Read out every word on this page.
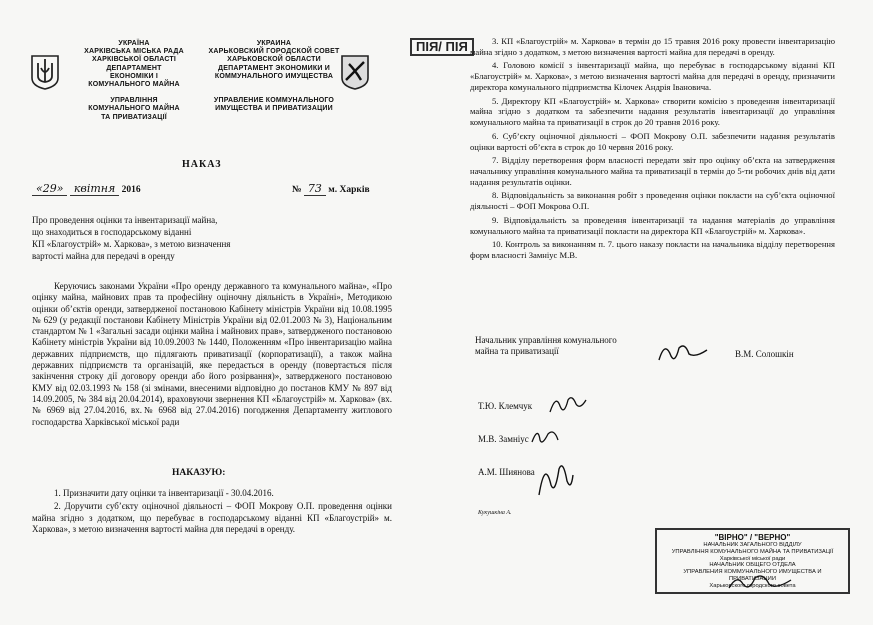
УКРАЇНА
ХАРКІВСЬКА МІСЬКА РАДА
ХАРКІВСЬКОЇ ОБЛАСТІ
ДЕПАРТАМЕНТ
ЕКОНОМІКИ І
КОМУНАЛЬНОГО МАЙНА
УПРАВЛІННЯ
КОМУНАЛЬНОГО МАЙНА
ТА ПРИВАТИЗАЦІЇ
УКРАИНА
ХАРЬКОВСКИЙ ГОРОДСКОЙ СОВЕТ
ХАРЬКОВСКОЙ ОБЛАСТИ
ДЕПАРТАМЕНТ ЭКОНОМИКИ И
КОММУНАЛЬНОГО ИМУЩЕСТВА
УПРАВЛЕНИЕ КОММУНАЛЬНОГО
ИМУЩЕСТВА И ПРИВАТИЗАЦИИ
НАКАЗ
«29» квітня 2016	№ 73 м. Харків
Про проведення оцінки та інвентаризації майна,
що знаходиться в господарському віданні
КП «Благоустрій» м. Харкова», з метою визначення
вартості майна для передачі в оренду
Керуючись законами України «Про оренду державного та комунального майна», «Про оцінку майна, майнових прав та професійну оціночну діяльність в Україні», Методикою оцінки об’єктів оренди, затвердженої постановою Кабінету міністрів України від 10.08.1995 № 629 (у редакції постанови Кабінету Міністрів України від 02.01.2003 № 3), Національним стандартом № 1 «Загальні засади оцінки майна і майнових прав», затвердженого постановою Кабінету міністрів України від 10.09.2003 № 1440, Положенням «Про інвентаризацію майна державних підприємств, що підлягають приватизації (корпоратизації), а також майна державних підприємств та організацій, яке передається в оренду (повертається після закінчення строку дії договору оренди або його розірвання)», затвердженого постановою КМУ від 02.03.1993 № 158 (зі змінами, внесеними відповідно до постанов КМУ № 897 від 14.09.2005, № 384 від 20.04.2014), враховуючи звернення КП «Благоустрій» м. Харкова» (вх.№ 6969 від 27.04.2016, вх.№ 6968 від 27.04.2016) погодження Департаменту житлового господарства Харківської міської ради
НАКАЗУЮ:

1. Призначити дату оцінки та інвентаризації - 30.04.2016.

2. Доручити суб’єкту оціночної діяльності – ФОП Мокрову О.П. проведення оцінки майна згідно з додатком, що перебуває в господарському віданні КП «Благоустрій» м. Харкова», з метою визначення вартості майна для передачі в оренду.

ПІЯ/ ПІЯ	3. КП «Благоустрій» м. Харкова» в термін до 15 травня 2016 року провести інвентаризацію майна згідно з додатком, з метою визначення вартості майна для передачі в оренду.

4. Головою комісії з інвентаризації майна, що перебуває в господарському віданні КП «Благоустрій» м. Харкова», з метою визначення вартості майна для передачі в оренду, призначити директора комунального підприємства Кілочек Андрія Івановича.

5. Директору КП «Благоустрій» м. Харкова» створити комісію з проведення інвентаризації майна згідно з додатком та забезпечити надання результатів інвентаризації до управління комунального майна та приватизації в строк до 20 травня 2016 року.

6. Суб’єкту оціночної діяльності – ФОП Мокрову О.П. забезпечити надання результатів оцінки вартості об’єкта в строк до 10 червня 2016 року.

7. Відділу перетворення форм власності передати звіт про оцінку об’єкта на затвердження начальнику управління комунального майна та приватизації в термін до 5-ти робочих днів від дати надання результатів оцінки.

8. Відповідальність за виконання робіт з проведення оцінки покласти на суб’єкта оціночної діяльності – ФОП Мокрова О.П.

9. Відповідальність за проведення інвентаризації та надання матеріалів до управління комунального майна та приватизації покласти на директора КП «Благоустрій» м. Харкова».

10. Контроль за виконанням п. 7. цього наказу покласти на начальника відділу перетворення форм власності Замніус М.В.

Начальник управління комунального
майна та приватизації	В.М. Солошкін
Т.Ю. Клемчук
М.В. Замніус
А.М. Шиянова
Кукушкіна А.
"ВІРНО" / "ВЕРНО"
НАЧАЛЬНИК ЗАГАЛЬНОГО ВІДДІЛУ
УПРАВЛІННЯ КОМУНАЛЬНОГО МАЙНА ТА ПРИВАТИЗАЦІЇ
Харківської міської ради
НАЧАЛЬНИК ОБЩЕГО ОТДЕЛА
УПРАВЛЕНИЯ КОММУНАЛЬНОГО ИМУЩЕСТВА И ПРИВАТИЗАЦИИ
Харьковского городского совета
